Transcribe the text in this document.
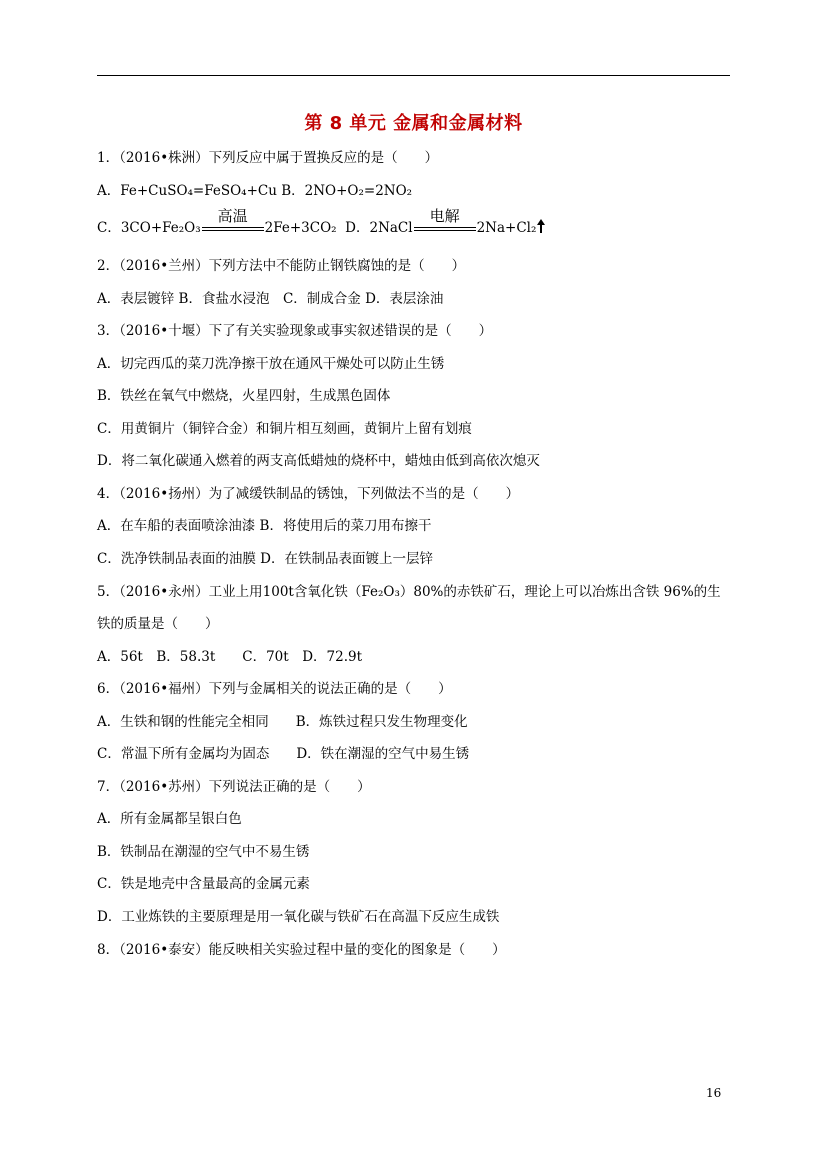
第 8 单元 金属和金属材料
1．（2016•株洲）下列反应中属于置换反应的是（　　）
A．Fe+CuSO₄=FeSO₄+Cu B．2NO+O₂=2NO₂
C．3CO+Fe₂O₃
高温
2Fe+3CO₂ D．2NaCl
电解
2Na+Cl₂
2．（2016•兰州）下列方法中不能防止钢铁腐蚀的是（　　）
A．表层镀锌 B．食盐水浸泡　C．制成合金 D．表层涂油
3．（2016•十堰）下了有关实验现象或事实叙述错误的是（　　）
A．切完西瓜的菜刀洗净擦干放在通风干燥处可以防止生锈
B．铁丝在氧气中燃烧，火星四射，生成黑色固体
C．用黄铜片（铜锌合金）和铜片相互刻画，黄铜片上留有划痕
D．将二氧化碳通入燃着的两支高低蜡烛的烧杯中，蜡烛由低到高依次熄灭
4．（2016•扬州）为了减缓铁制品的锈蚀，下列做法不当的是（　　）
A．在车船的表面喷涂油漆 B．将使用后的菜刀用布擦干
C．洗净铁制品表面的油膜 D．在铁制品表面镀上一层锌
5．（2016•永州）工业上用100t含氧化铁（Fe₂O₃）80%的赤铁矿石，理论上可以冶炼出含铁 96%的生
铁的质量是（　　）
A．56t　B．58.3t　　C．70t　D．72.9t
6．（2016•福州）下列与金属相关的说法正确的是（　　）
A．生铁和钢的性能完全相同　　B．炼铁过程只发生物理变化
C．常温下所有金属均为固态　　D．铁在潮湿的空气中易生锈
7．（2016•苏州）下列说法正确的是（　　）
A．所有金属都呈银白色
B．铁制品在潮湿的空气中不易生锈
C．铁是地壳中含量最高的金属元素
D．工业炼铁的主要原理是用一氧化碳与铁矿石在高温下反应生成铁
8．（2016•泰安）能反映相关实验过程中量的变化的图象是（　　）
16
